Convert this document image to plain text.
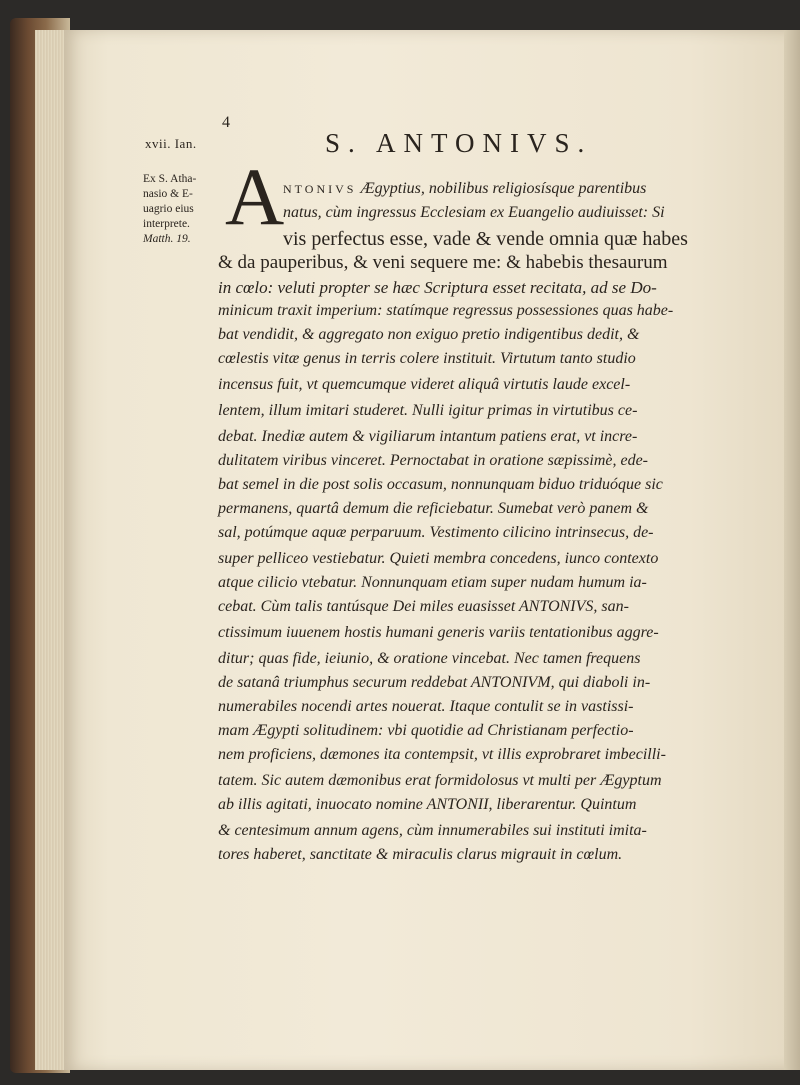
4
xvii. Ian.	S. ANTONIVS.
Ex S. Atha- nasio & E- uagrio eius interprete.
Matth. 19. A
NTONIVS Ægyptius, nobilibus religiosísque parentibus
natus, cùm ingressus Ecclesiam ex Euangelio audiuisset: Si
vis perfectus esse, vade & vende omnia quæ habes
& da pauperibus, & veni sequere me: & habebis thesaurum
in cœlo: veluti propter se hæc Scriptura esset recitata, ad se Do-
minicum traxit imperium: statímque regressus possessiones quas habe-
bat vendidit, & aggregato non exiguo pretio indigentibus dedit, &
cœlestis vitæ genus in terris colere instituit. Virtutum tanto studio
incensus fuit, vt quemcumque videret aliquâ virtutis laude excel-
lentem, illum imitari studeret. Nulli igitur primas in virtutibus ce-
debat. Inediæ autem & vigiliarum intantum patiens erat, vt incre-
dulitatem viribus vinceret. Pernoctabat in oratione sæpissimè, ede-
bat semel in die post solis occasum, nonnunquam biduo triduóque sic
permanens, quartâ demum die reficiebatur. Sumebat verò panem &
sal, potúmque aquæ perparuum. Vestimento cilicino intrinsecus, de-
super pelliceo vestiebatur. Quieti membra concedens, iunco contexto
atque cilicio vtebatur. Nonnunquam etiam super nudam humum ia-
cebat. Cùm talis tantúsque Dei miles euasisset ANTONIVS, san-
ctissimum iuuenem hostis humani generis variis tentationibus aggre-
ditur; quas fide, ieiunio, & oratione vincebat. Nec tamen frequens
de satanâ triumphus securum reddebat ANTONIVM, qui diaboli in-
numerabiles nocendi artes nouerat. Itaque contulit se in vastissi-
mam Ægypti solitudinem: vbi quotidie ad Christianam perfectio-
nem proficiens, dæmones ita contempsit, vt illis exprobraret imbecilli-
tatem. Sic autem dæmonibus erat formidolosus vt multi per Ægyptum
ab illis agitati, inuocato nomine ANTONII, liberarentur. Quintum
& centesimum annum agens, cùm innumerabiles sui instituti imita-
tores haberet, sanctitate & miraculis clarus migrauit in cœlum.
